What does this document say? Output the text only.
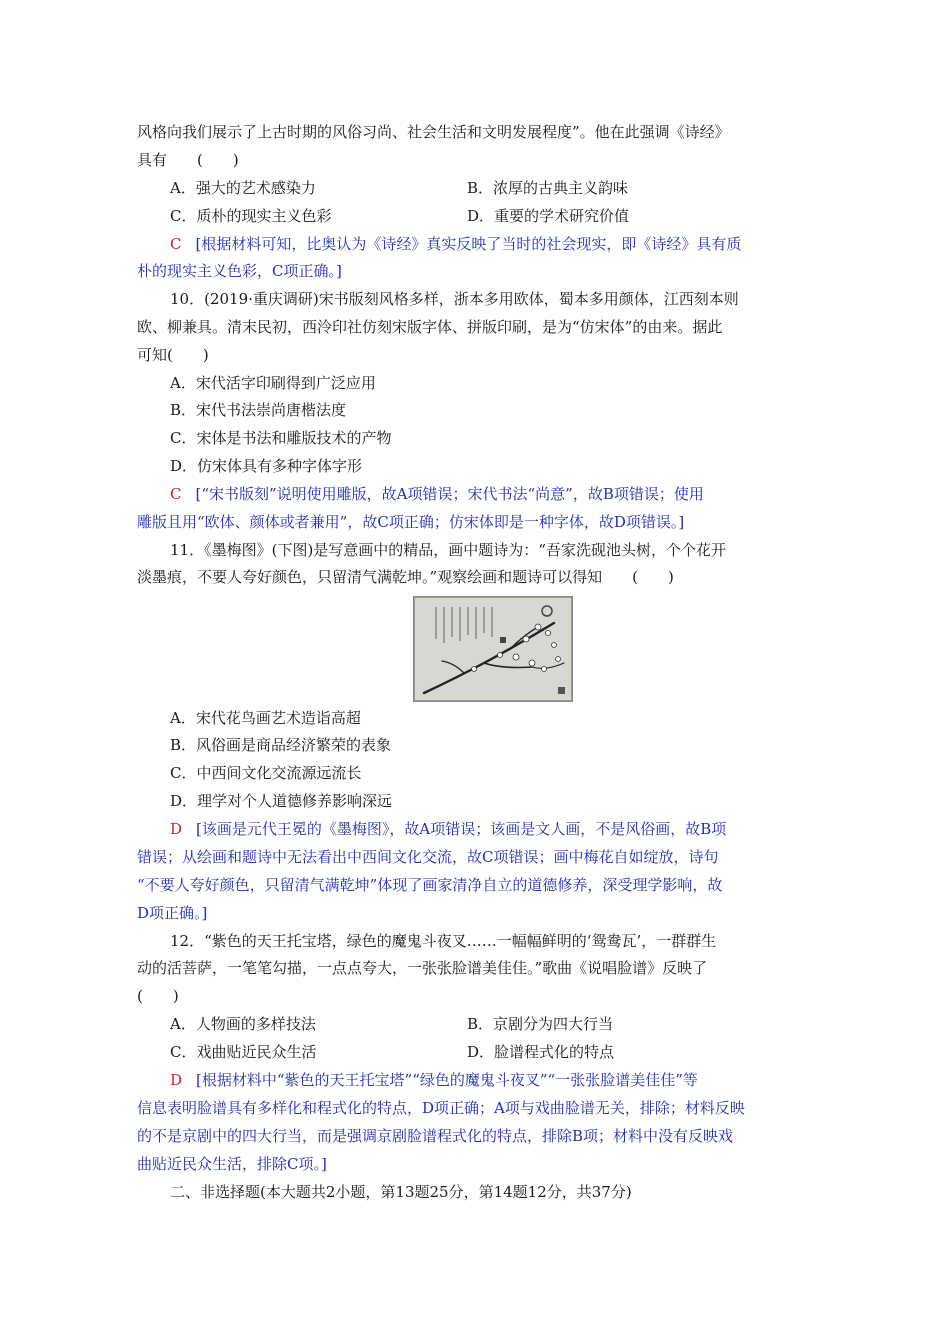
风格向我们展示了上古时期的风俗习尚、社会生活和文明发展程度”。他在此强调《诗经》
具有　　(　　)
A．强大的艺术感染力	B．浓厚的古典主义韵味
C．质朴的现实主义色彩	D．重要的学术研究价值
C [根据材料可知，比奥认为《诗经》真实反映了当时的社会现实，即《诗经》具有质
朴的现实主义色彩，C项正确。]
10．(2019·重庆调研)宋书版刻风格多样，浙本多用欧体，蜀本多用颜体，江西刻本则
欧、柳兼具。清末民初，西泠印社仿刻宋版字体、拼版印刷，是为“仿宋体”的由来。据此
可知(　　)
A．宋代活字印刷得到广泛应用
B．宋代书法崇尚唐楷法度
C．宋体是书法和雕版技术的产物
D．仿宋体具有多种字体字形
C [“宋书版刻”说明使用雕版，故A项错误；宋代书法“尚意”，故B项错误；使用
雕版且用“欧体、颜体或者兼用”，故C项正确；仿宋体即是一种字体，故D项错误。]
11．《墨梅图》(下图)是写意画中的精品，画中题诗为：“吾家洗砚池头树，个个花开
淡墨痕，不要人夸好颜色，只留清气满乾坤。”观察绘画和题诗可以得知　　(　　)
A．宋代花鸟画艺术造诣高超
B．风俗画是商品经济繁荣的表象
C．中西间文化交流源远流长
D．理学对个人道德修养影响深远
D [该画是元代王冕的《墨梅图》，故A项错误；该画是文人画，不是风俗画，故B项
错误；从绘画和题诗中无法看出中西间文化交流，故C项错误；画中梅花自如绽放，诗句
“不要人夸好颜色，只留清气满乾坤”体现了画家清净自立的道德修养，深受理学影响，故
D项正确。]
12．“紫色的天王托宝塔，绿色的魔鬼斗夜叉……一幅幅鲜明的‘鸳鸯瓦’，一群群生
动的活菩萨，一笔笔勾描，一点点夸大，一张张脸谱美佳佳。”歌曲《说唱脸谱》反映了
(　　)
A．人物画的多样技法	B．京剧分为四大行当
C．戏曲贴近民众生活	D．脸谱程式化的特点
D [根据材料中“紫色的天王托宝塔”“绿色的魔鬼斗夜叉”“一张张脸谱美佳佳”等
信息表明脸谱具有多样化和程式化的特点，D项正确；A项与戏曲脸谱无关，排除；材料反映
的不是京剧中的四大行当，而是强调京剧脸谱程式化的特点，排除B项；材料中没有反映戏
曲贴近民众生活，排除C项。]
二、非选择题(本大题共2小题，第13题25分，第14题12分，共37分)
